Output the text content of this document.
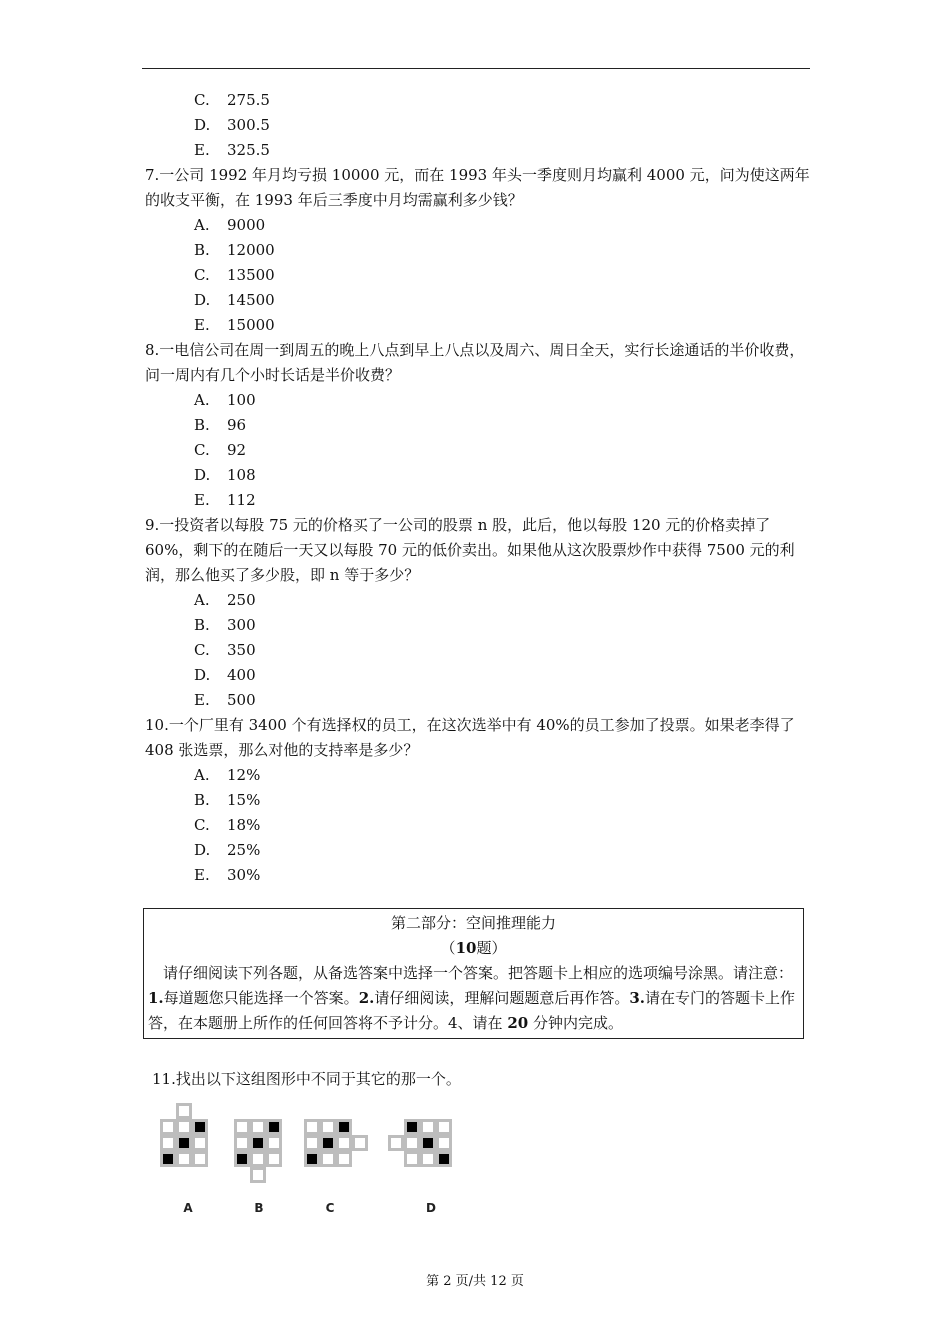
C. 275.5
D. 300.5
E. 325.5
7.一公司 1992 年月均亏损 10000 元，而在 1993 年头一季度则月均赢利 4000 元，问为使这两年的收支平衡，在 1993 年后三季度中月均需赢利多少钱？
A. 9000
B. 12000
C. 13500
D. 14500
E. 15000
8.一电信公司在周一到周五的晚上八点到早上八点以及周六、周日全天，实行长途通话的半价收费，问一周内有几个小时长话是半价收费？
A. 100
B. 96
C. 92
D. 108
E. 112
9.一投资者以每股 75 元的价格买了一公司的股票 n 股，此后，他以每股 120 元的价格卖掉了 60%，剩下的在随后一天又以每股 70 元的低价卖出。如果他从这次股票炒作中获得 7500 元的利润，那么他买了多少股，即 n 等于多少？
A. 250
B. 300
C. 350
D. 400
E. 500
10.一个厂里有 3400 个有选择权的员工，在这次选举中有 40%的员工参加了投票。如果老李得了 408 张选票，那么对他的支持率是多少？
A. 12%
B. 15%
C. 18%
D. 25%
E. 30%
第二部分：空间推理能力
（10题）
请仔细阅读下列各题，从备选答案中选择一个答案。把答题卡上相应的选项编号涂黑。请注意：1.每道题您只能选择一个答案。2.请仔细阅读，理解问题题意后再作答。3.请在专门的答题卡上作答，在本题册上所作的任何回答将不予计分。4、请在 20 分钟内完成。
11.找出以下这组图形中不同于其它的那一个。
A	B	C	D
第 2 页/共 12 页
